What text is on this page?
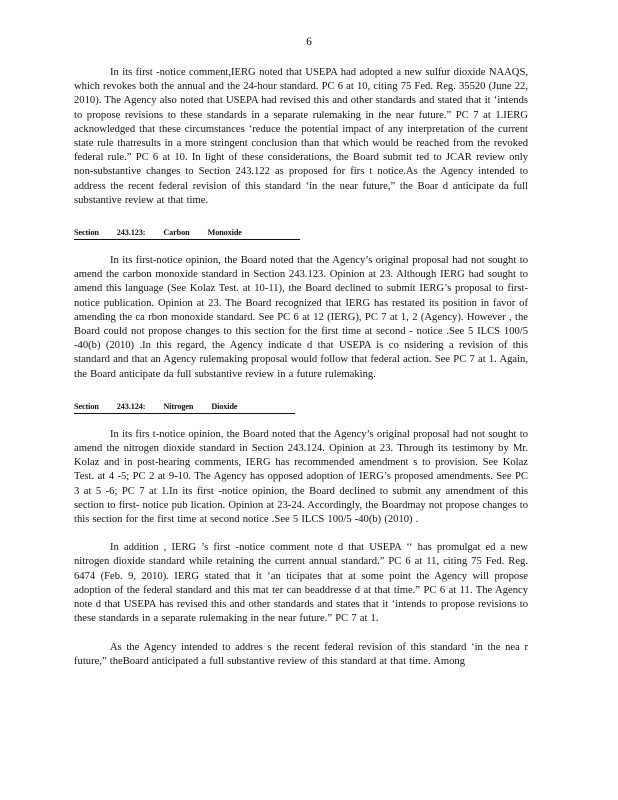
6

In its first -notice comment,IERG noted that USEPA had adopted a new sulfur dioxide NAAQS, which revokes both the annual and the 24-hour standard. PC 6 at 10, citing 75 Fed. Reg. 35520 (June 22, 2010). The Agency also noted that USEPA had revised this and other standards and stated that it ‘intends to propose revisions to these standards in a separate rulemaking in the near future.” PC 7 at 1.IERG acknowledged that these circumstances ‘reduce the potential impact of any interpretation of the current state rule thatresults in a more stringent conclusion than that which would be reached from the revoked federal rule.” PC 6 at 10. In light of these considerations, the Board submit ted to JCAR review only non-substantive changes to Section 243.122 as proposed for firs t notice.As the Agency intended to address the recent federal revision of this standard ‘in the near future,” the Boar d anticipate da full substantive review at that time.

Section 243.123: Carbon Monoxide

In its first-notice opinion, the Board noted that the Agency’s original proposal had not sought to amend the carbon monoxide standard in Section 243.123. Opinion at 23. Although IERG had sought to amend this language (See Kolaz Test. at 10-11), the Board declined to submit IERG’s proposal to first-notice publication. Opinion at 23. The Board recognized that IERG has restated its position in favor of amending the ca rbon monoxide standard. See PC 6 at 12 (IERG), PC 7 at 1, 2 (Agency). However , the Board could not propose changes to this section for the first time at second - notice .See 5 ILCS 100/5 -40(b) (2010) .In this regard, the Agency indicate d that USEPA is co nsidering a revision of this standard and that an Agency rulemaking proposal would follow that federal action. See PC 7 at 1. Again, the Board anticipate da full substantive review in a future rulemaking.

Section 243.124: Nitrogen Dioxide

In its firs t-notice opinion, the Board noted that the Agency’s original proposal had not sought to amend the nitrogen dioxide standard in Section 243.124. Opinion at 23. Through its testimony by Mr. Kolaz and in post-hearing comments, IERG has recommended amendment s to provision. See Kolaz Test. at 4 -5; PC 2 at 9-10. The Agency has opposed adoption of IERG’s proposed amendments. See PC 3 at 5 -6; PC 7 at 1.In its first -notice opinion, the Board declined to submit any amendment of this section to first- notice pub lication. Opinion at 23-24. Accordingly, the Boardmay not propose changes to this section for the first time at second notice .See 5 ILCS 100/5 -40(b) (2010) .

In addition , IERG ’s first -notice comment note d that USEPA ‘‘ has promulgat ed a new nitrogen dioxide standard while retaining the current annual standard.” PC 6 at 11, citing 75 Fed. Reg. 6474 (Feb. 9, 2010). IERG stated that it ‘an ticipates that at some point the Agency will propose adoption of the federal standard and this mat ter can beaddresse d at that time.” PC 6 at 11. The Agency note d that USEPA has revised this and other standards and states that it ‘intends to propose revisions to these standards in a separate rulemaking in the near future.” PC 7 at 1.

As the Agency intended to addres s the recent federal revision of this standard ‘in the nea r future,” theBoard anticipated a full substantive review of this standard at that time. Among
